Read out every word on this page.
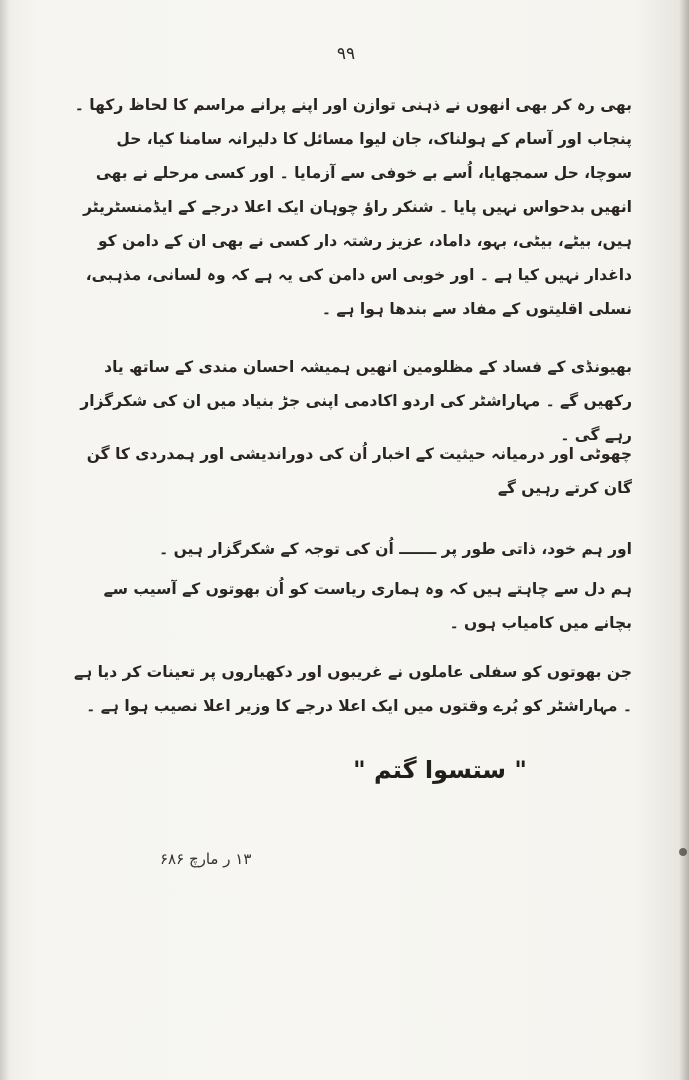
۹۹

بھی رہ کر بھی انھوں نے ذہنی توازن اور اپنے پرانے مراسم کا لحاظ رکھا ۔ پنجاب اور آسام کے ہولناک، جان لیوا مسائل کا دلیرانہ سامنا کیا، حل سوچا، حل سمجھایا، اُسے بے خوفی سے آزمایا ۔ اور کسی مرحلے نے بھی انھیں بدحواس نہیں پایا ۔ شنکر راؤ چوہان ایک اعلا درجے کے ایڈمنسٹریٹر ہیں، بیٹے، بیٹی، بہو، داماد، عزیز رشتہ دار کسی نے بھی ان کے دامن کو داغدار نہیں کیا ہے ۔ اور خوبی اس دامن کی یہ ہے کہ وہ لسانی، مذہبی، نسلی اقلیتوں کے مفاد سے بندھا ہوا ہے ۔

بھیونڈی کے فساد کے مظلومین انھیں ہمیشہ احسان مندی کے ساتھ یاد رکھیں گے ۔ مہاراشٹر کی اردو اکادمی اپنی جڑ بنیاد میں ان کی شکرگزار رہے گی ۔

چھوٹی اور درمیانہ حیثیت کے اخبار اُن کی دوراندیشی اور ہمدردی کا گن گان کرتے رہیں گے

اور ہم خود، ذاتی طور پر ـــــــ اُن کی توجہ کے شکرگزار ہیں ۔

ہم دل سے چاہتے ہیں کہ وہ ہماری ریاست کو اُن بھوتوں کے آسیب سے بچانے میں کامیاب ہوں ۔

جن بھوتوں کو سفلی عاملوں نے غریبوں اور دکھیاروں پر تعینات کر دیا ہے ۔ مہاراشٹر کو بُرے وقتوں میں ایک اعلا درجے کا وزیر اعلا نصیب ہوا ہے ۔

" ستسوا گتم "
۱۳ ر مارچ ۶۸۶
